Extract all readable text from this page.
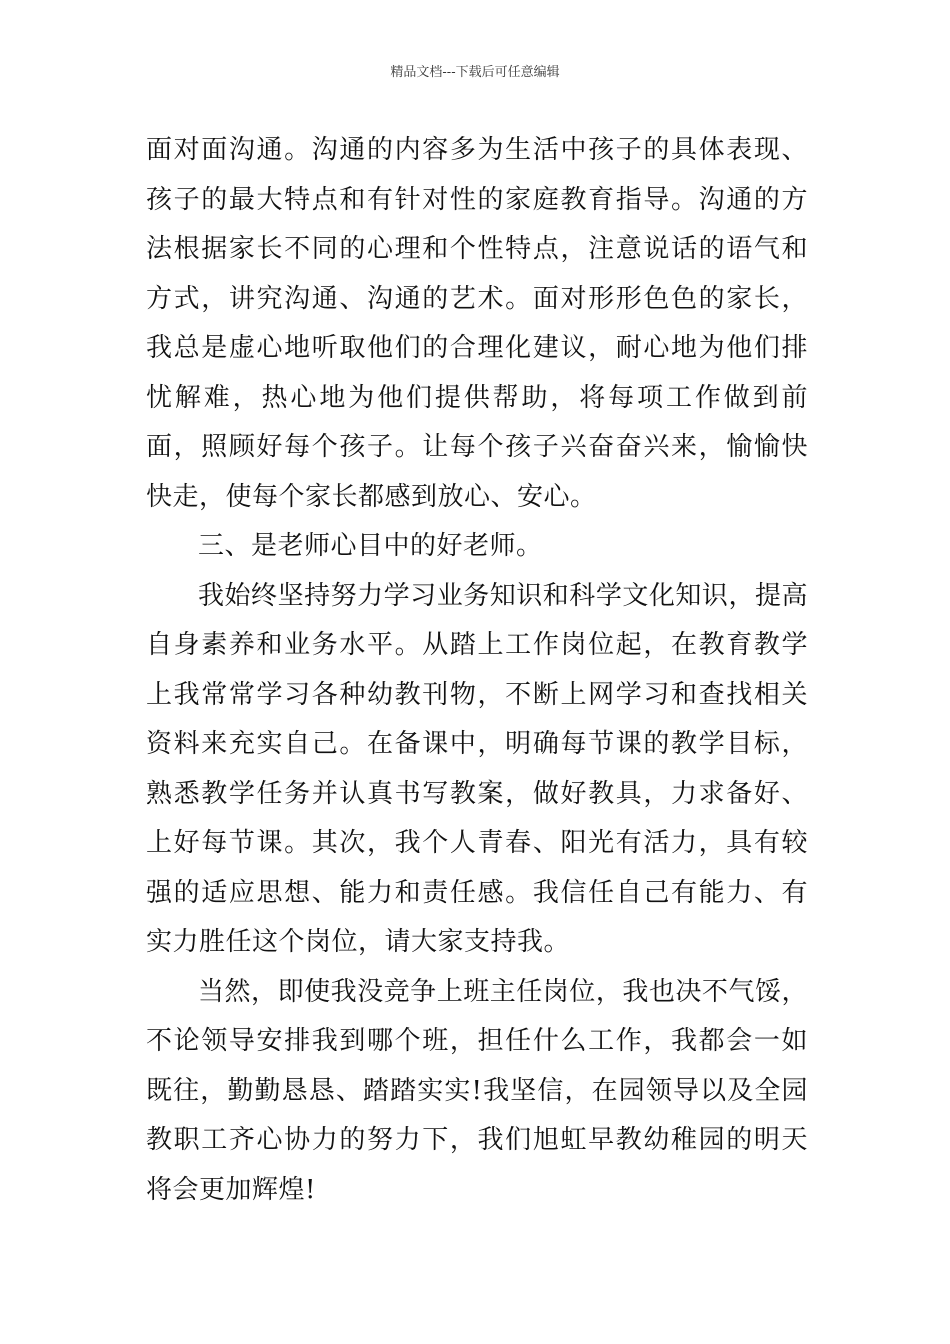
精品文档---下载后可任意编辑

面对面沟通。沟通的内容多为生活中孩子的具体表现、孩子的最大特点和有针对性的家庭教育指导。沟通的方法根据家长不同的心理和个性特点，注意说话的语气和方式，讲究沟通、沟通的艺术。面对形形色色的家长，我总是虚心地听取他们的合理化建议，耐心地为他们排忧解难，热心地为他们提供帮助，将每项工作做到前面，照顾好每个孩子。让每个孩子兴奋奋兴来，愉愉快快走，使每个家长都感到放心、安心。

三、是老师心目中的好老师。

我始终坚持努力学习业务知识和科学文化知识，提高自身素养和业务水平。从踏上工作岗位起，在教育教学上我常常学习各种幼教刊物，不断上网学习和查找相关资料来充实自己。在备课中，明确每节课的教学目标，熟悉教学任务并认真书写教案，做好教具，力求备好、上好每节课。其次，我个人青春、阳光有活力，具有较强的适应思想、能力和责任感。我信任自己有能力、有实力胜任这个岗位，请大家支持我。

当然，即使我没竞争上班主任岗位，我也决不气馁，不论领导安排我到哪个班，担任什么工作，我都会一如既往，勤勤恳恳、踏踏实实!我坚信，在园领导以及全园教职工齐心协力的努力下，我们旭虹早教幼稚园的明天将会更加辉煌!
